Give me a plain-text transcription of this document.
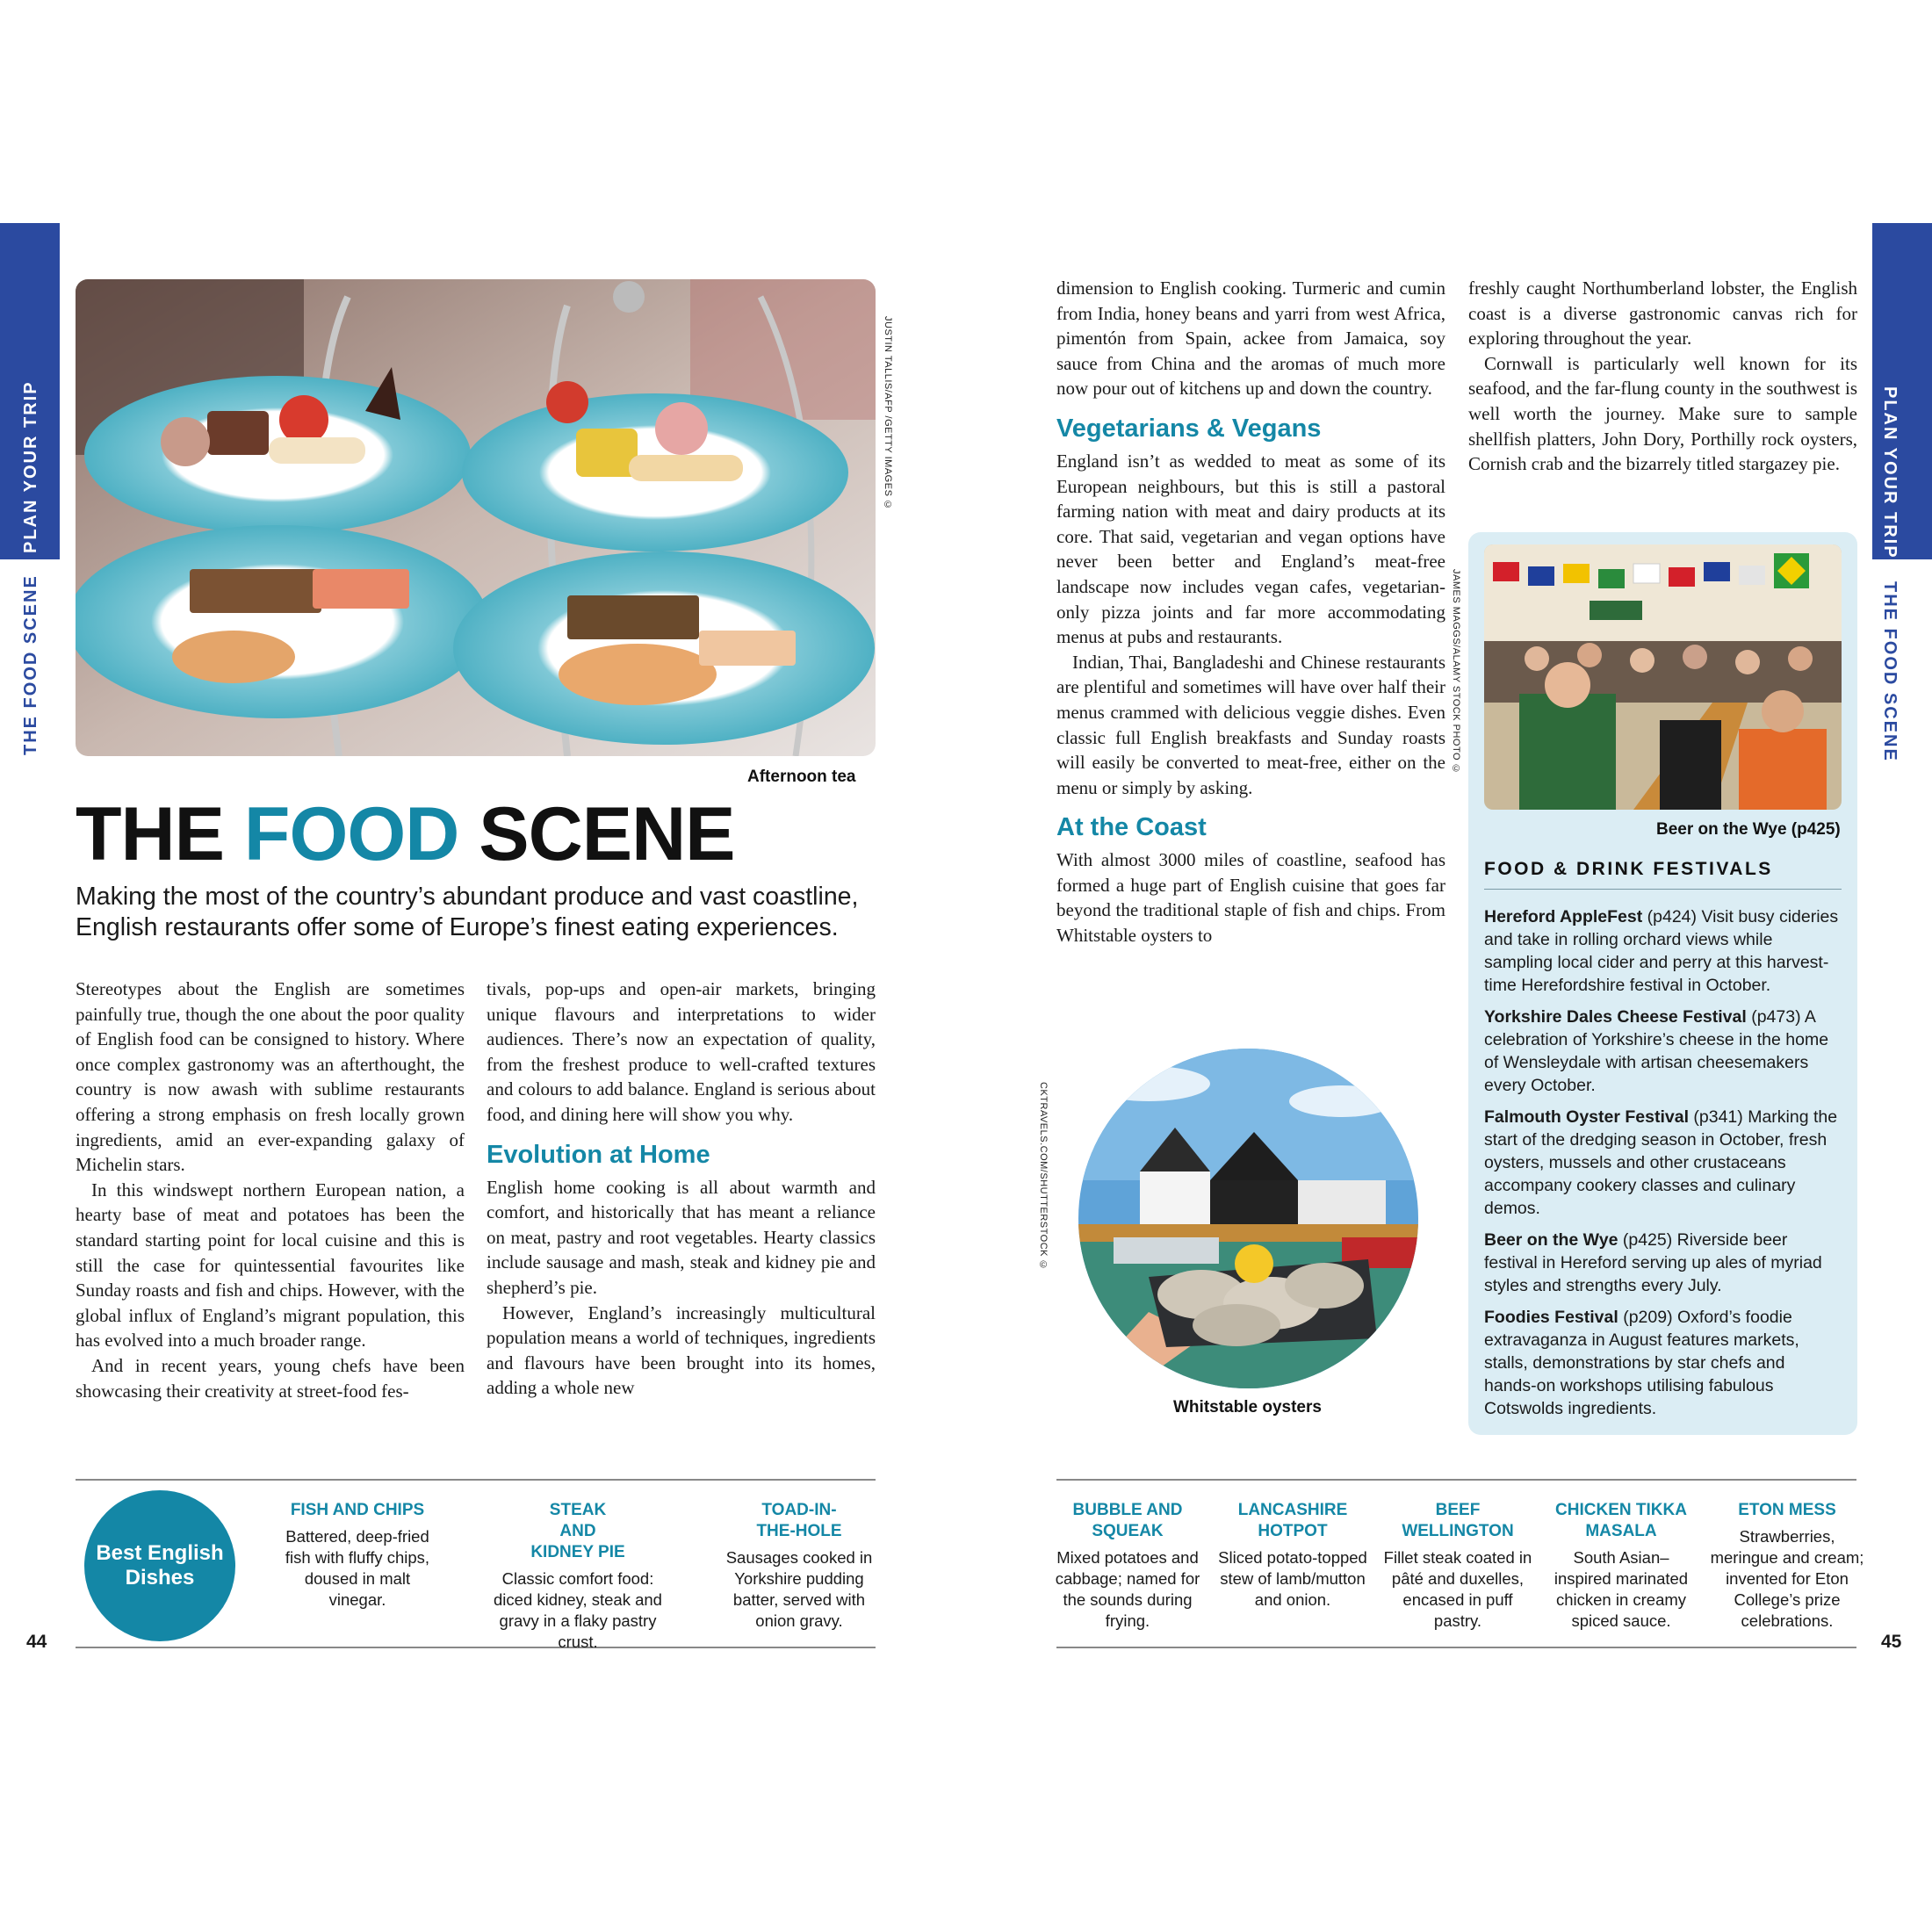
PLAN YOUR TRIP
THE FOOD SCENE
PLAN YOUR TRIP
THE FOOD SCENE
JUSTIN TALLIS/AFP /GETTY IMAGES ©
Afternoon tea
THE FOOD SCENE
Making the most of the country’s abundant produce and vast coastline, English restaurants offer some of Europe’s finest eating experiences.

Stereotypes about the English are sometimes painfully true, though the one about the poor quality of English food can be consigned to history. Where once complex gastronomy was an afterthought, the country is now awash with sublime restaurants offering a strong emphasis on fresh locally grown ingredients, amid an ever-expanding galaxy of Michelin stars.

In this windswept northern European nation, a hearty base of meat and potatoes has been the standard starting point for local cuisine and this is still the case for quintessential favourites like Sunday roasts and fish and chips. However, with the global influx of England’s migrant population, this has evolved into a much broader range.

And in recent years, young chefs have been showcasing their creativity at street-food fes-

tivals, pop-ups and open-air markets, bringing unique flavours and interpretations to wider audiences. There’s now an expectation of quality, from the freshest produce to well-crafted textures and colours to add balance. England is serious about food, and dining here will show you why.

Evolution at Home

English home cooking is all about warmth and comfort, and historically that has meant a reliance on meat, pastry and root vegetables. Hearty classics include sausage and mash, steak and kidney pie and shepherd’s pie.

However, England’s increasingly multicultural population means a world of techniques, ingredients and flavours have been brought into its homes, adding a whole new

dimension to English cooking. Turmeric and cumin from India, honey beans and yarri from west Africa, pimentón from Spain, ackee from Jamaica, soy sauce from China and the aromas of much more now pour out of kitchens up and down the country.

Vegetarians & Vegans

England isn’t as wedded to meat as some of its European neighbours, but this is still a pastoral farming nation with meat and dairy products at its core. That said, vegetarian and vegan options have never been better and England’s meat-free landscape now includes vegan cafes, vegetarian-only pizza joints and far more accommodating menus at pubs and restaurants.

Indian, Thai, Bangladeshi and Chinese restaurants are plentiful and sometimes will have over half their menus crammed with delicious veggie dishes. Even classic full English breakfasts and Sunday roasts will easily be converted to meat-free, either on the menu or simply by asking.

At the Coast

With almost 3000 miles of coastline, seafood has formed a huge part of English cuisine that goes far beyond the traditional staple of fish and chips. From Whitstable oysters to

JAMES MAGGS/ALAMY STOCK PHOTO ©

freshly caught Northumberland lobster, the English coast is a diverse gastronomic canvas rich for exploring throughout the year.

Cornwall is particularly well known for its seafood, and the far-flung county in the southwest is well worth the journey. Make sure to sample shellfish platters, John Dory, Porthilly rock oysters, Cornish crab and the bizarrely titled stargazey pie.

Beer on the Wye (p425)
FOOD & DRINK FESTIVALS
Hereford AppleFest (p424) Visit busy cideries and take in rolling orchard views while sampling local cider and perry at this harvest-time Herefordshire festival in October.
Yorkshire Dales Cheese Festival (p473) A celebration of Yorkshire’s cheese in the home of Wensleydale with artisan cheesemakers every October.
Falmouth Oyster Festival (p341) Marking the start of the dredging season in October, fresh oysters, mussels and other crustaceans accompany cookery classes and culinary demos.
Beer on the Wye (p425) Riverside beer festival in Hereford serving up ales of myriad styles and strengths every July.
Foodies Festival (p209) Oxford’s foodie extravaganza in August features markets, stalls, demonstrations by star chefs and hands-on workshops utilising fabulous Cotswolds ingredients.
CKTRAVELS.COM/SHUTTERSTOCK ©
Whitstable oysters
Best English
Dishes
FISH AND CHIPS
Battered, deep-fried fish with fluffy chips, doused in malt vinegar.
STEAK AND KIDNEY PIE
Classic comfort food: diced kidney, steak and gravy in a flaky pastry crust.
TOAD-IN-THE-HOLE
Sausages cooked in Yorkshire pudding batter, served with onion gravy.
BUBBLE AND SQUEAK
Mixed potatoes and cabbage; named for the sounds during frying.
LANCASHIRE HOTPOT
Sliced potato-topped stew of lamb/mutton and onion.
BEEF WELLINGTON
Fillet steak coated in pâté and duxelles, encased in puff pastry.
CHICKEN TIKKA MASALA
South Asian–inspired marinated chicken in creamy spiced sauce.
ETON MESS
Strawberries, meringue and cream; invented for Eton College’s prize celebrations.
44	45
